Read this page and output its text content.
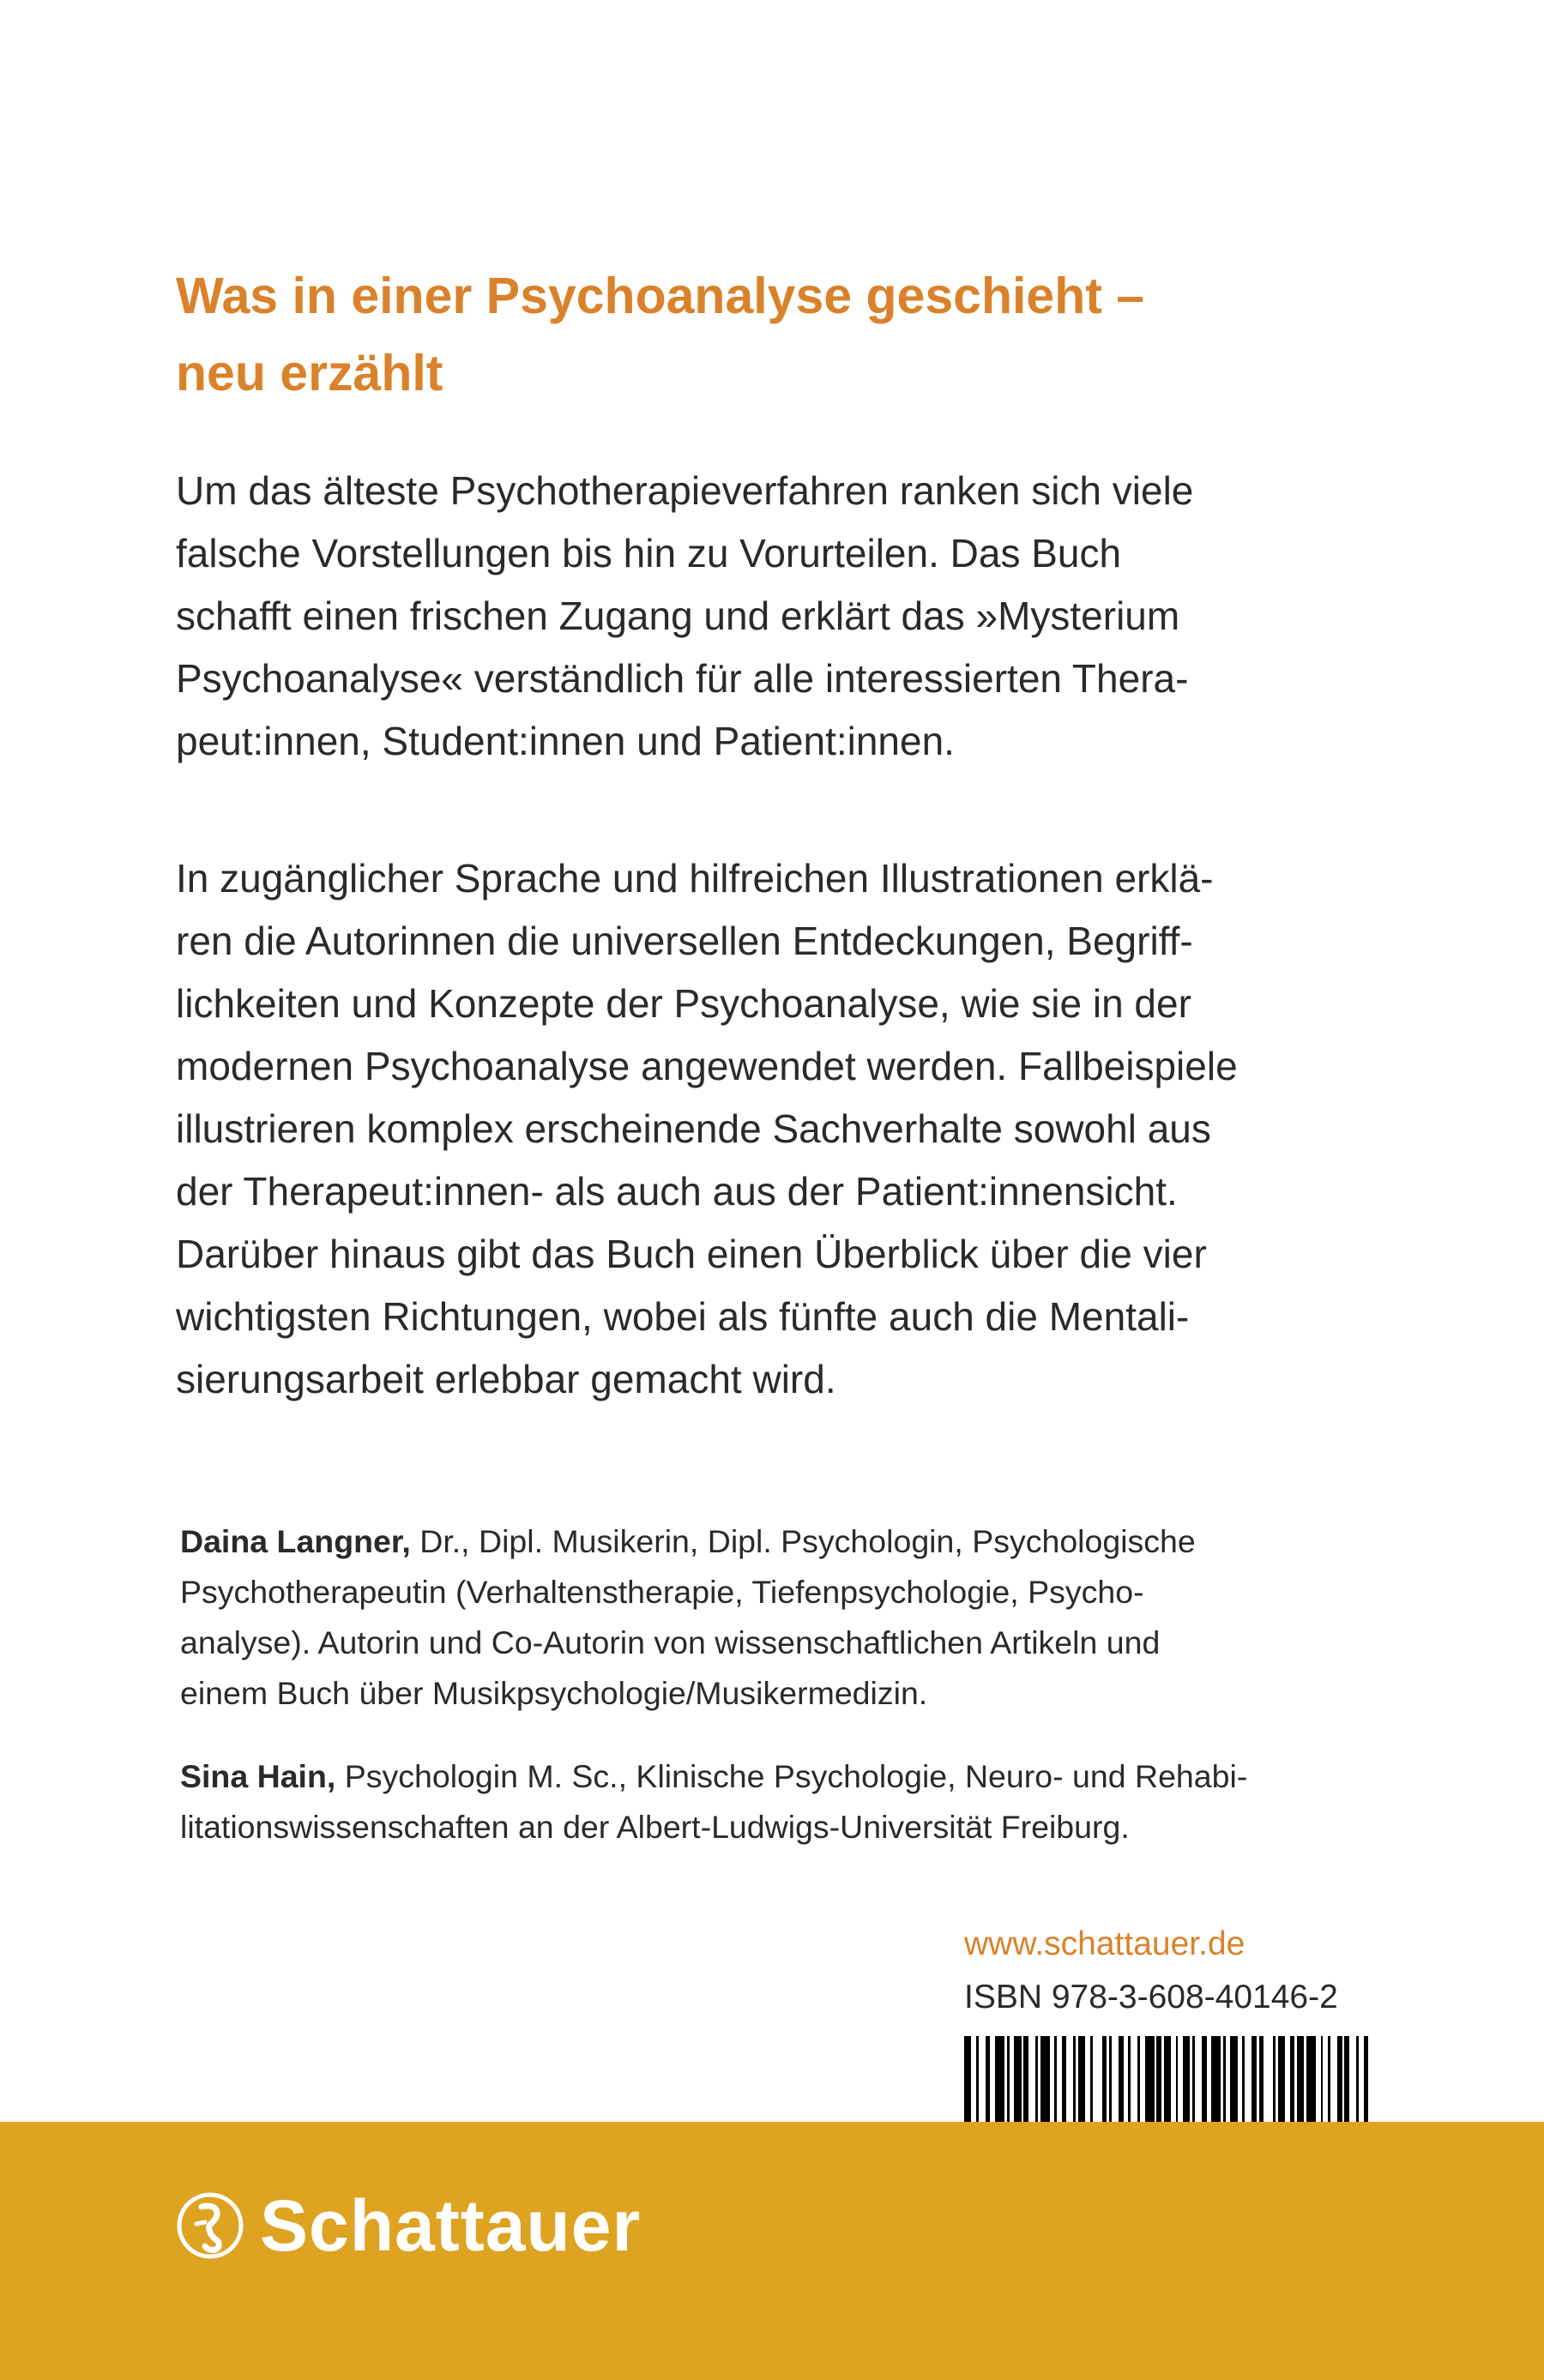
Was in einer Psychoanalyse geschieht –
neu erzählt

Um das älteste Psychotherapieverfahren ranken sich viele
falsche Vorstellungen bis hin zu Vorurteilen. Das Buch
schafft einen frischen Zugang und erklärt das »Mysterium
Psychoanalyse« verständlich für alle interessierten Thera-
peut:innen, Student:innen und Patient:innen.

In zugänglicher Sprache und hilfreichen Illustrationen erklä-
ren die Autorinnen die universellen Entdeckungen, Begriff-
lichkeiten und Konzepte der Psychoanalyse, wie sie in der
modernen Psychoanalyse angewendet werden. Fallbeispiele
illustrieren komplex erscheinende Sachverhalte sowohl aus
der Therapeut:innen- als auch aus der Patient:innensicht.
Darüber hinaus gibt das Buch einen Überblick über die vier
wichtigsten Richtungen, wobei als fünfte auch die Mentali-
sierungsarbeit erlebbar gemacht wird.

Daina Langner, Dr., Dipl. Musikerin, Dipl. Psychologin, Psychologische
Psychotherapeutin (Verhaltenstherapie, Tiefenpsychologie, Psycho-
analyse). Autorin und Co-Autorin von wissenschaftlichen Artikeln und
einem Buch über Musikpsychologie/Musikermedizin.

Sina Hain, Psychologin M. Sc., Klinische Psychologie, Neuro- und Rehabi-
litationswissenschaften an der Albert-Ludwigs-Universität Freiburg.

www.schattauer.de

ISBN 978-3-608-40146-2

Schattauer
